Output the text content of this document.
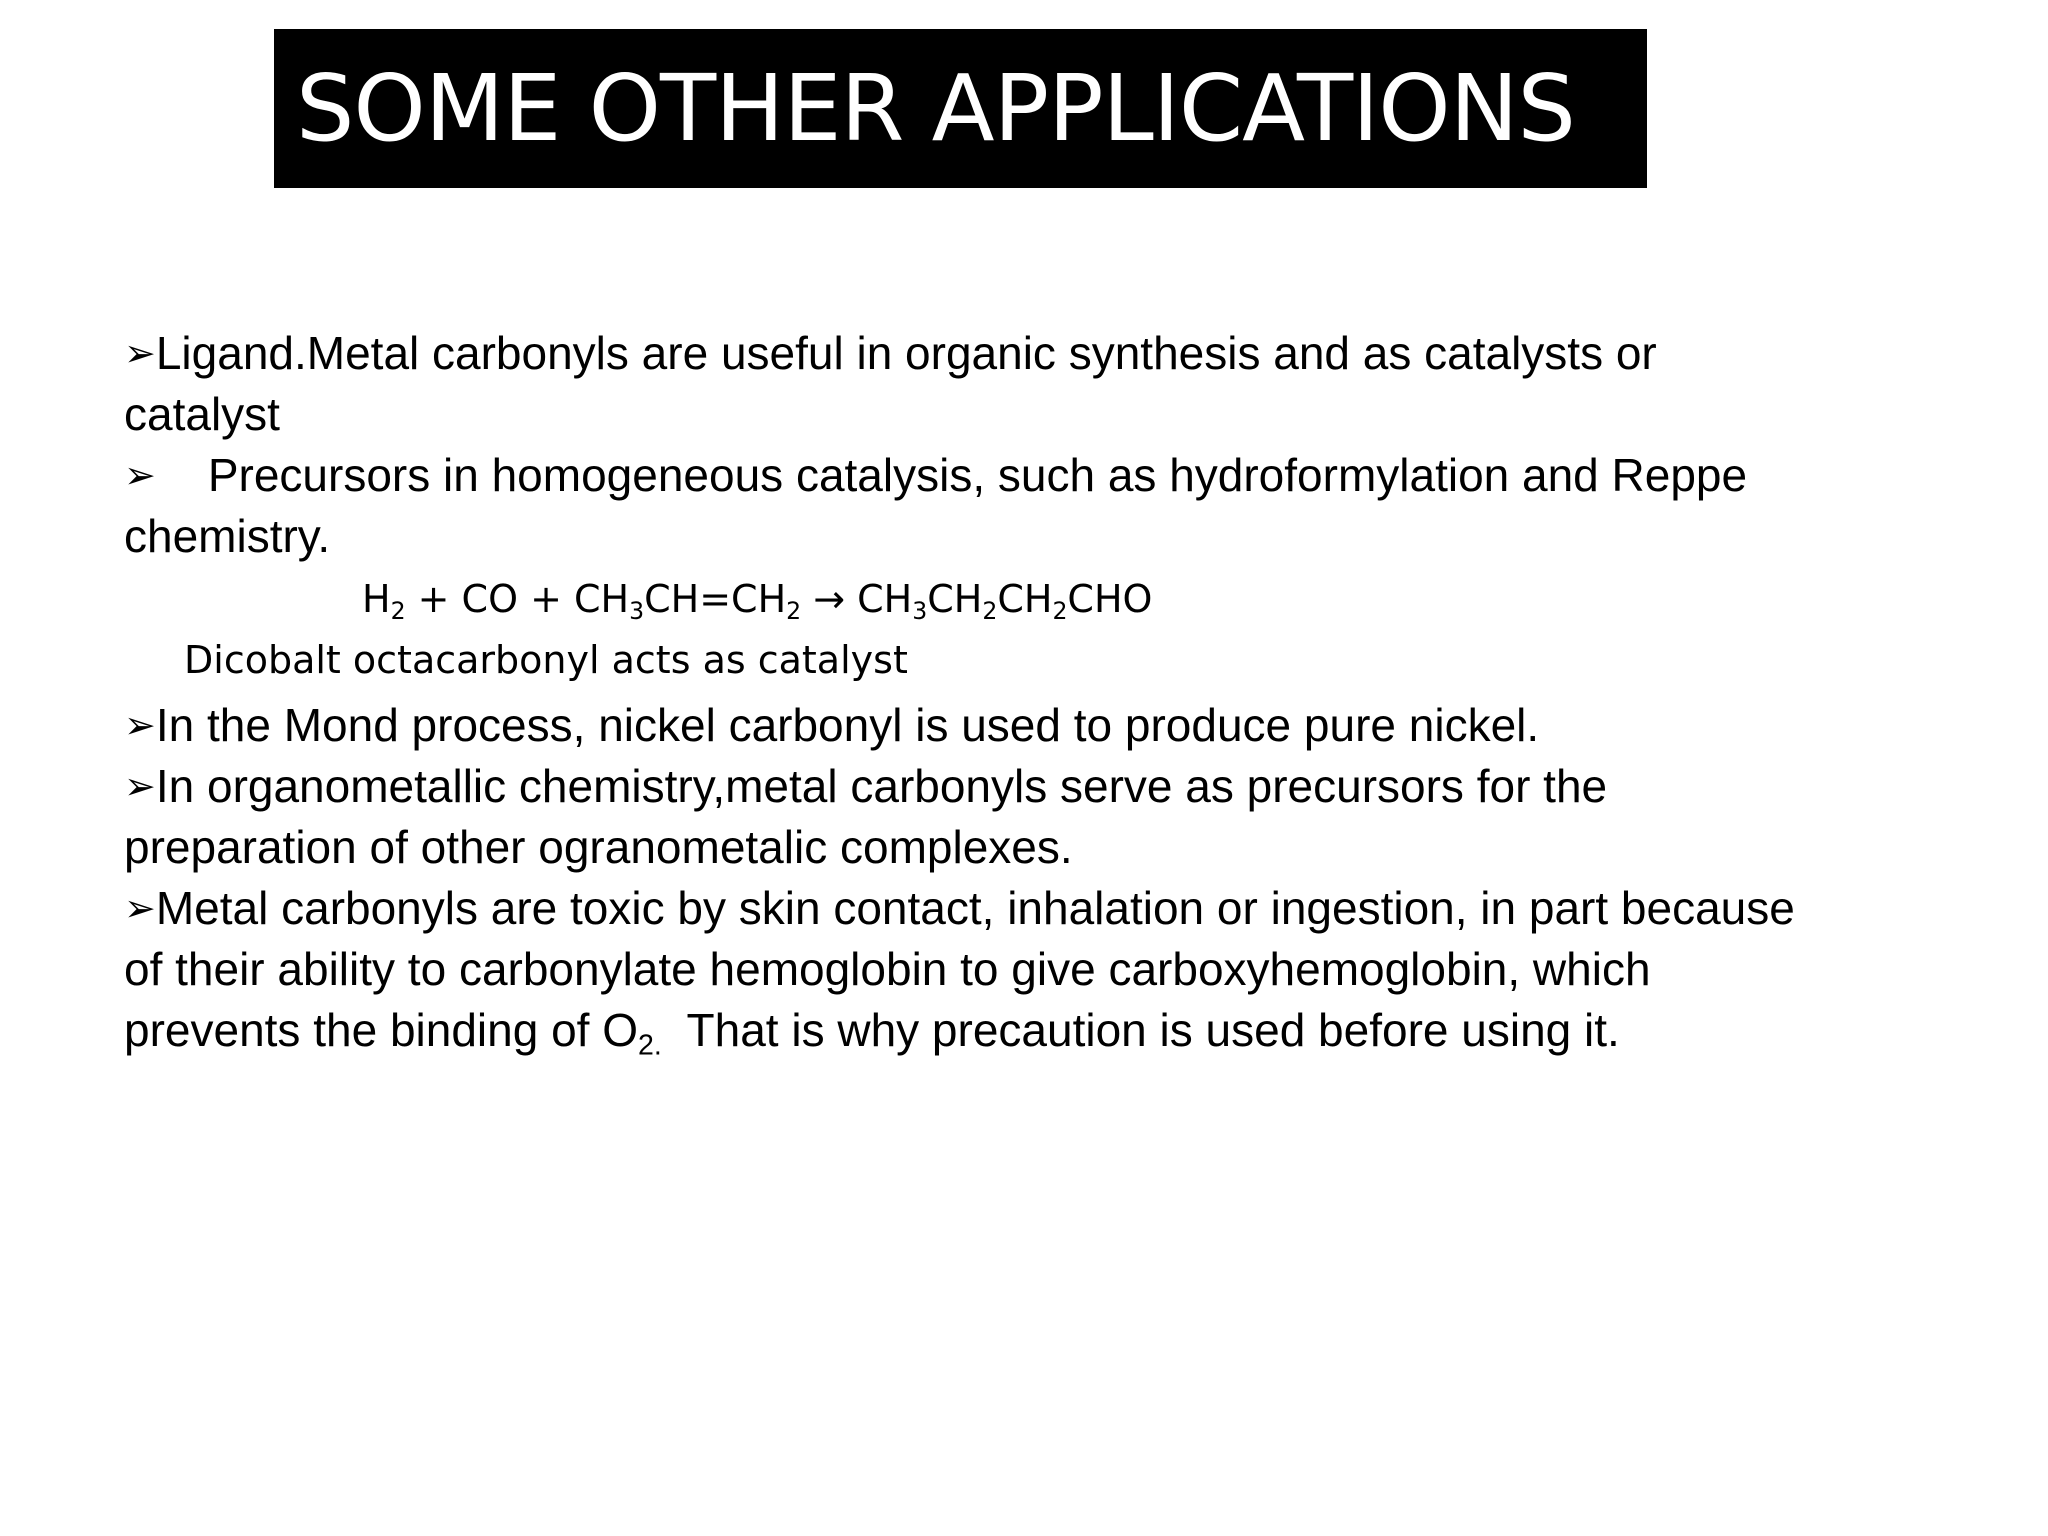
SOME OTHER APPLICATIONS
➢Ligand.Metal carbonyls are useful in organic synthesis and as catalysts or
catalyst
➢ Precursors in homogeneous catalysis, such as hydroformylation and Reppe
chemistry.
$H_2$ + CO + $CH_3CH=CH_2 \to CH_3CH_2CH_2CHO$
Dicobalt octacarbonyl acts as catalyst
➢In the Mond process, nickel carbonyl is used to produce pure nickel.
➢In organometallic chemistry,metal carbonyls serve as precursors for the
preparation of other ogranometalic complexes.
➢Metal carbonyls are toxic by skin contact, inhalation or ingestion, in part because
of their ability to carbonylate hemoglobin to give carboxyhemoglobin, which
prevents the binding of $O_{2.}$  That is why precaution is used before using it.
